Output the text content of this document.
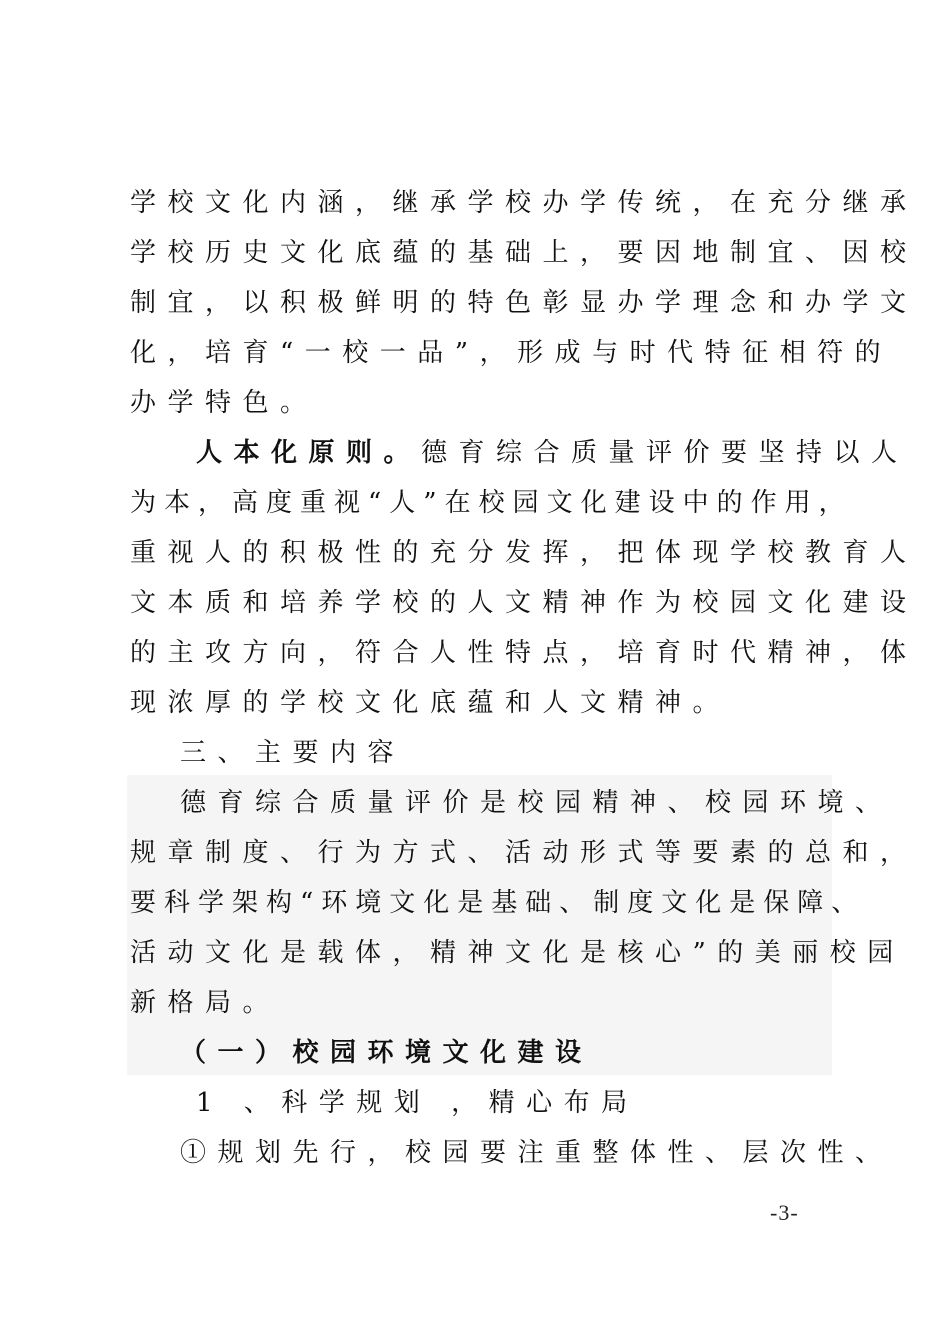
学校文化内涵，继承学校办学传统，在充分继承
学校历史文化底蕴的基础上，要因地制宜、因校
制宜，以积极鲜明的特色彰显办学理念和办学文
化，培育“一校一品”，形成与时代特征相符的
办学特色。
人本化原则。德育综合质量评价要坚持以人
为本，高度重视“人”在校园文化建设中的作用，
重视人的积极性的充分发挥，把体现学校教育人
文本质和培养学校的人文精神作为校园文化建设
的主攻方向，符合人性特点，培育时代精神，体
现浓厚的学校文化底蕴和人文精神。
三、主要内容
德育综合质量评价是校园精神、校园环境、
规章制度、行为方式、活动形式等要素的总和，
要科学架构“环境文化是基础、制度文化是保障、
活动文化是载体，精神文化是核心”的美丽校园
新格局。
（一）校园环境文化建设
1 、科学规划 ，精心布局
①规划先行，校园要注重整体性、层次性、
-3-
